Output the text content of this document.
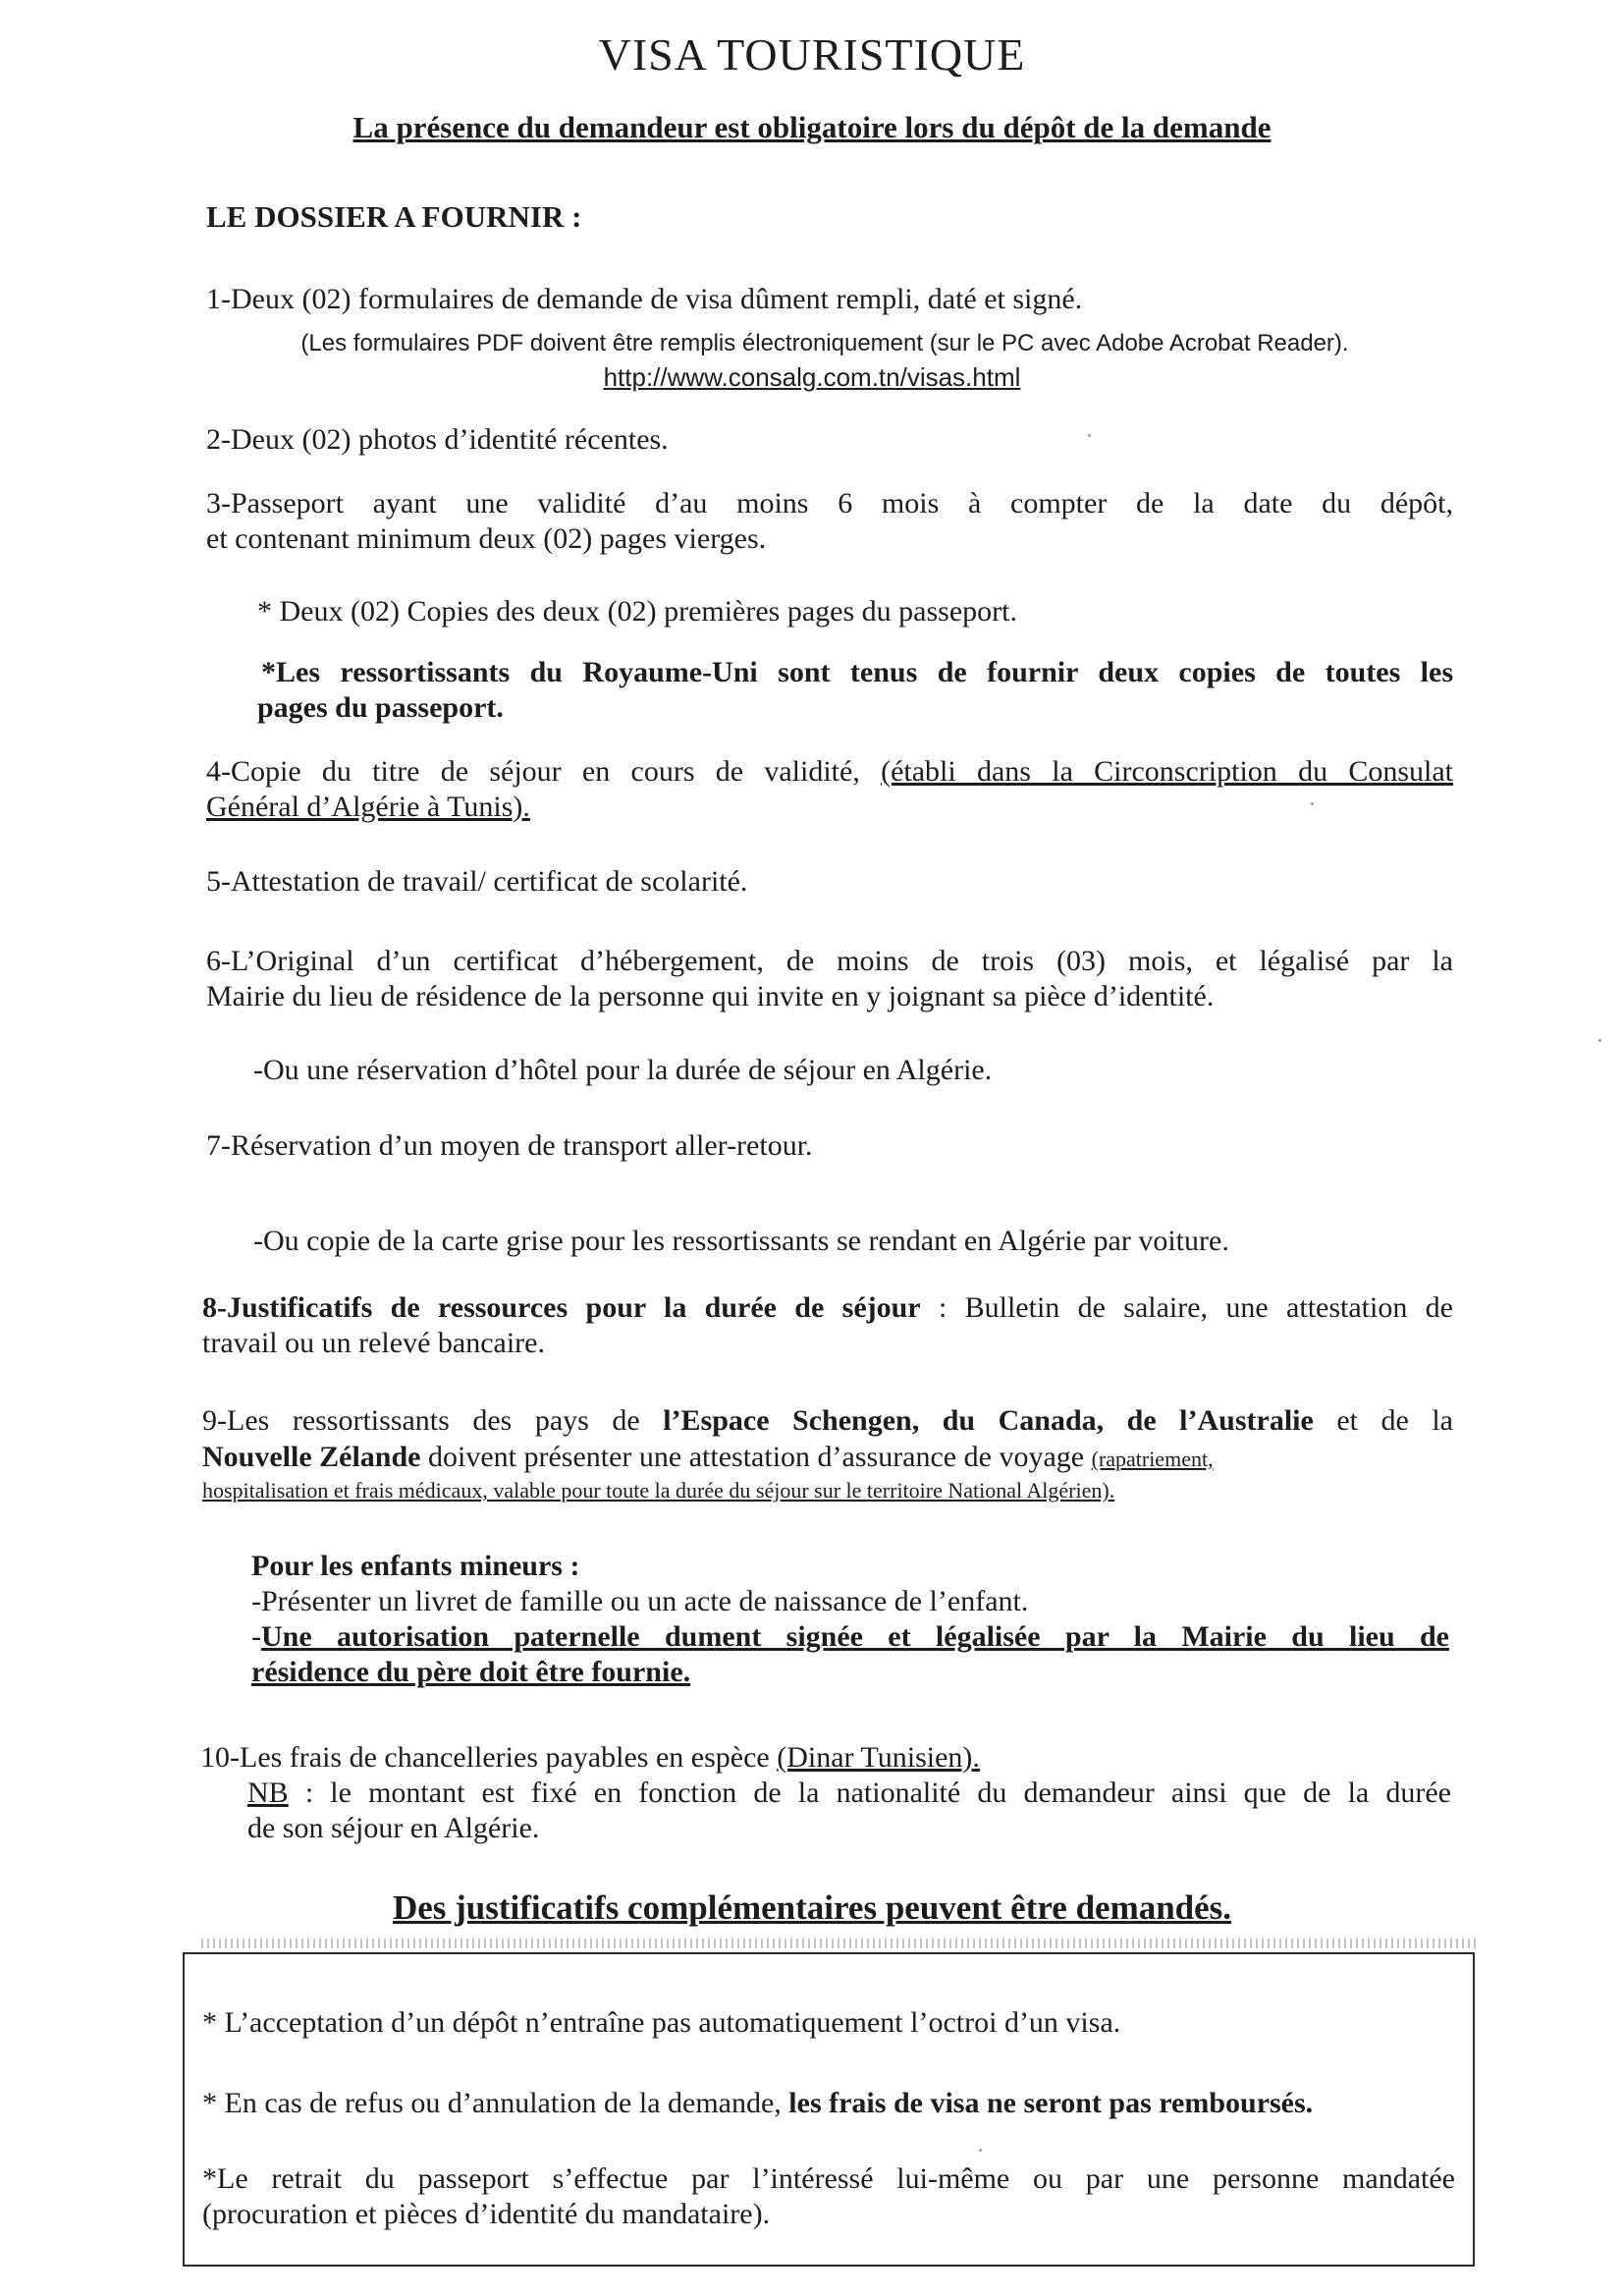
VISA TOURISTIQUE
La présence du demandeur est obligatoire lors du dépôt de la demande
LE DOSSIER A FOURNIR :
1-Deux (02) formulaires de demande de visa dûment rempli, daté et signé.
(Les formulaires PDF doivent être remplis électroniquement (sur le PC avec Adobe Acrobat Reader).
http://www.consalg.com.tn/visas.html
2-Deux (02) photos d’identité récentes.
3-Passeport ayant une validité d’au moins 6 mois à compter de la date du dépôt,
et contenant minimum deux (02) pages vierges.
* Deux (02) Copies des deux (02) premières pages du passeport.
*Les ressortissants du Royaume-Uni sont tenus de fournir deux copies de toutes les
pages du passeport.
4-Copie du titre de séjour en cours de validité, (établi dans la Circonscription du Consulat
Général d’Algérie à Tunis).
5-Attestation de travail/ certificat de scolarité.
6-L’Original d’un certificat d’hébergement, de moins de trois (03) mois, et légalisé par la
Mairie du lieu de résidence de la personne qui invite en y joignant sa pièce d’identité.
-Ou une réservation d’hôtel pour la durée de séjour en Algérie.
7-Réservation d’un moyen de transport aller-retour.
-Ou copie de la carte grise pour les ressortissants se rendant en Algérie par voiture.
8-Justificatifs de ressources pour la durée de séjour : Bulletin de salaire, une attestation de
travail ou un relevé bancaire.
9-Les ressortissants des pays de l’Espace Schengen, du Canada, de l’Australie et de la
Nouvelle Zélande doivent présenter une attestation d’assurance de voyage (rapatriement,
hospitalisation et frais médicaux, valable pour toute la durée du séjour sur le territoire National Algérien).
Pour les enfants mineurs :
-Présenter un livret de famille ou un acte de naissance de l’enfant.
-Une autorisation paternelle dument signée et légalisée par la Mairie du lieu de
résidence du père doit être fournie.
10-Les frais de chancelleries payables en espèce (Dinar Tunisien).
NB : le montant est fixé en fonction de la nationalité du demandeur ainsi que de la durée
de son séjour en Algérie.
Des justificatifs complémentaires peuvent être demandés.
* L’acceptation d’un dépôt n’entraîne pas automatiquement l’octroi d’un visa.
* En cas de refus ou d’annulation de la demande, les frais de visa ne seront pas remboursés.
*Le retrait du passeport s’effectue par l’intéressé lui-même ou par une personne mandatée
(procuration et pièces d’identité du mandataire).
